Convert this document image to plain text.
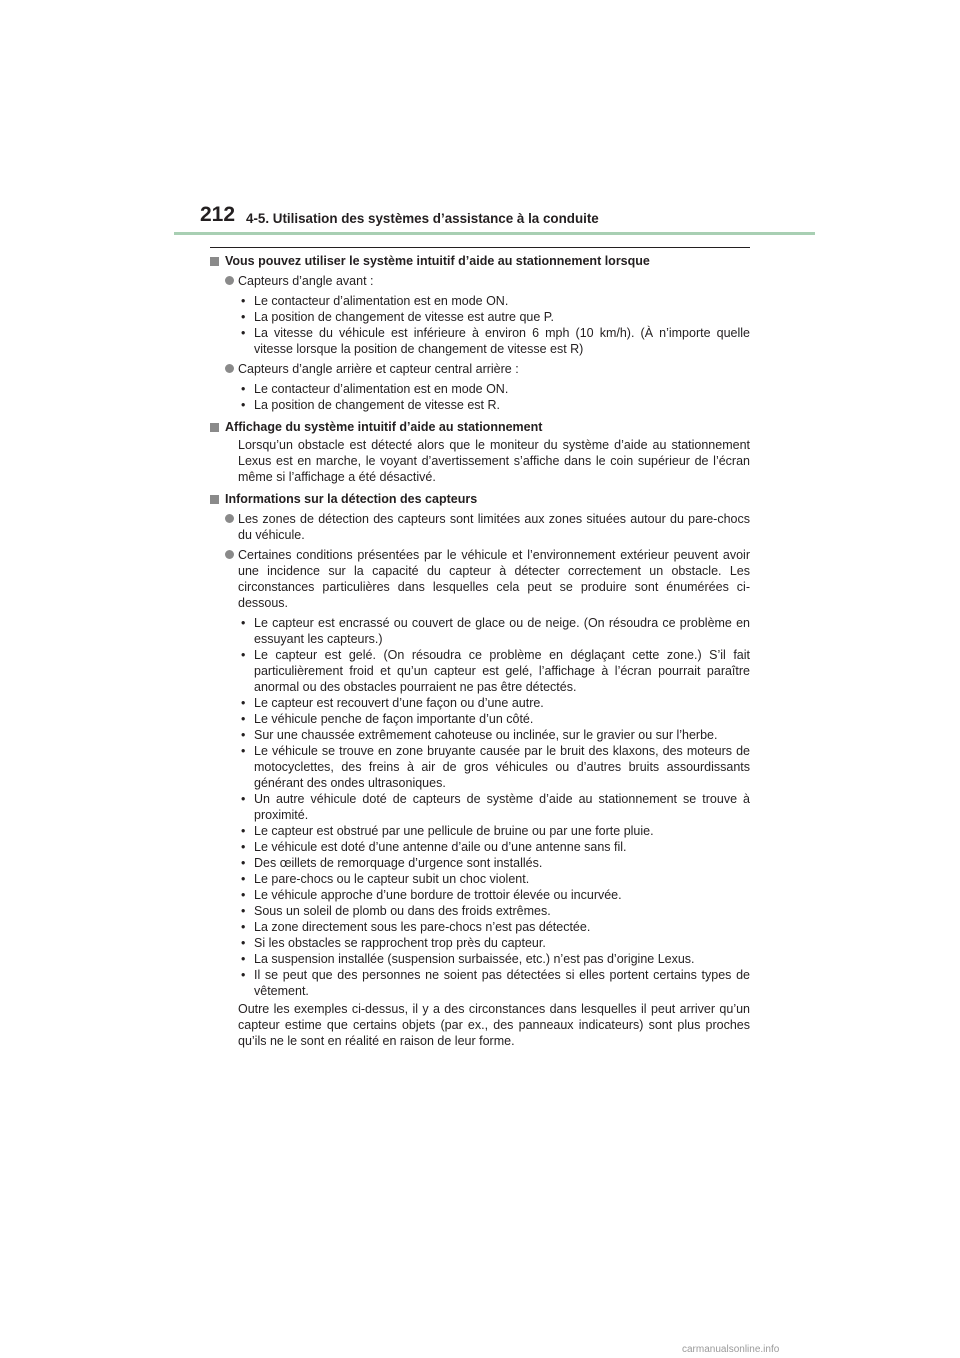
212 4-5. Utilisation des systèmes d’assistance à la conduite
Vous pouvez utiliser le système intuitif d’aide au stationnement lorsque
Capteurs d’angle avant :
• Le contacteur d’alimentation est en mode ON.
• La position de changement de vitesse est autre que P.
• La vitesse du véhicule est inférieure à environ 6 mph (10 km/h). (À n’importe quelle vitesse lorsque la position de changement de vitesse est R)
Capteurs d’angle arrière et capteur central arrière :
• Le contacteur d’alimentation est en mode ON.
• La position de changement de vitesse est R.
Affichage du système intuitif d’aide au stationnement
Lorsqu’un obstacle est détecté alors que le moniteur du système d’aide au stationnement Lexus est en marche, le voyant d’avertissement s’affiche dans le coin supérieur de l’écran même si l’affichage a été désactivé.
Informations sur la détection des capteurs
Les zones de détection des capteurs sont limitées aux zones situées autour du pare-chocs du véhicule.
Certaines conditions présentées par le véhicule et l’environnement extérieur peuvent avoir une incidence sur la capacité du capteur à détecter correctement un obstacle. Les circonstances particulières dans lesquelles cela peut se produire sont énumérées ci-dessous.
• Le capteur est encrassé ou couvert de glace ou de neige. (On résoudra ce problème en essuyant les capteurs.)
• Le capteur est gelé. (On résoudra ce problème en déglaçant cette zone.) S’il fait particulièrement froid et qu’un capteur est gelé, l’affichage à l’écran pourrait paraître anormal ou des obstacles pourraient ne pas être détectés.
• Le capteur est recouvert d’une façon ou d’une autre.
• Le véhicule penche de façon importante d’un côté.
• Sur une chaussée extrêmement cahoteuse ou inclinée, sur le gravier ou sur l’herbe.
• Le véhicule se trouve en zone bruyante causée par le bruit des klaxons, des moteurs de motocyclettes, des freins à air de gros véhicules ou d’autres bruits assourdissants générant des ondes ultrasoniques.
• Un autre véhicule doté de capteurs de système d’aide au stationnement se trouve à proximité.
• Le capteur est obstrué par une pellicule de bruine ou par une forte pluie.
• Le véhicule est doté d’une antenne d’aile ou d’une antenne sans fil.
• Des œillets de remorquage d’urgence sont installés.
• Le pare-chocs ou le capteur subit un choc violent.
• Le véhicule approche d’une bordure de trottoir élevée ou incurvée.
• Sous un soleil de plomb ou dans des froids extrêmes.
• La zone directement sous les pare-chocs n’est pas détectée.
• Si les obstacles se rapprochent trop près du capteur.
• La suspension installée (suspension surbaissée, etc.) n’est pas d’origine Lexus.
• Il se peut que des personnes ne soient pas détectées si elles portent certains types de vêtement.
Outre les exemples ci-dessus, il y a des circonstances dans lesquelles il peut arriver qu’un capteur estime que certains objets (par ex., des panneaux indicateurs) sont plus proches qu’ils ne le sont en réalité en raison de leur forme.
carmanualsonline.info
